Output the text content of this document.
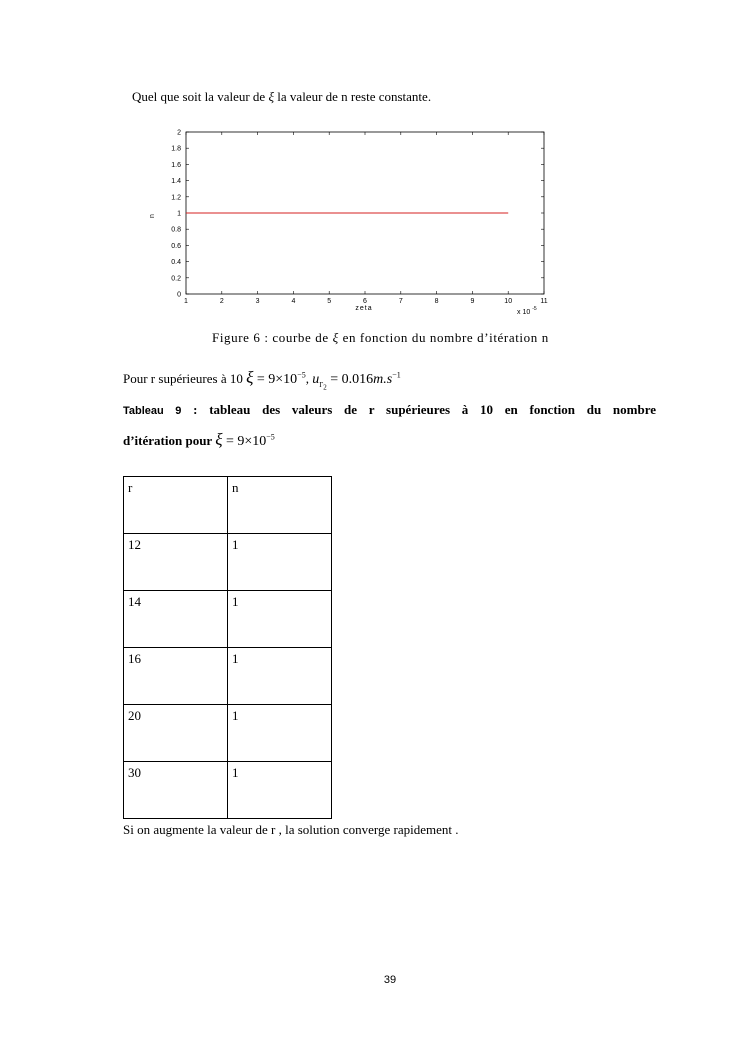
Quel que soit la valeur de ξ la valeur de n reste constante.
0
0.2
0.4
0.6
0.8
1
1.2
1.4
1.6
1.8
2
1	2	3	4	5	6	7	8	9	10	11
zeta
n
x 10 $^{-5}$
Figure 6 : courbe de ξ en fonction du nombre d’itération n
Pour r supérieures à 10 $\xi = 9\times 10^{-5}$, $u_{\Gamma_2} = 0.016m.s^{-1}$
Tableau 9 : tableau des valeurs de r supérieures à 10 en fonction du nombre
d’itération pour $\xi = 9\times 10^{-5}$
r	n
12	1
14	1
16	1
20	1
30	1
Si on augmente la valeur de r , la solution converge rapidement .
39
